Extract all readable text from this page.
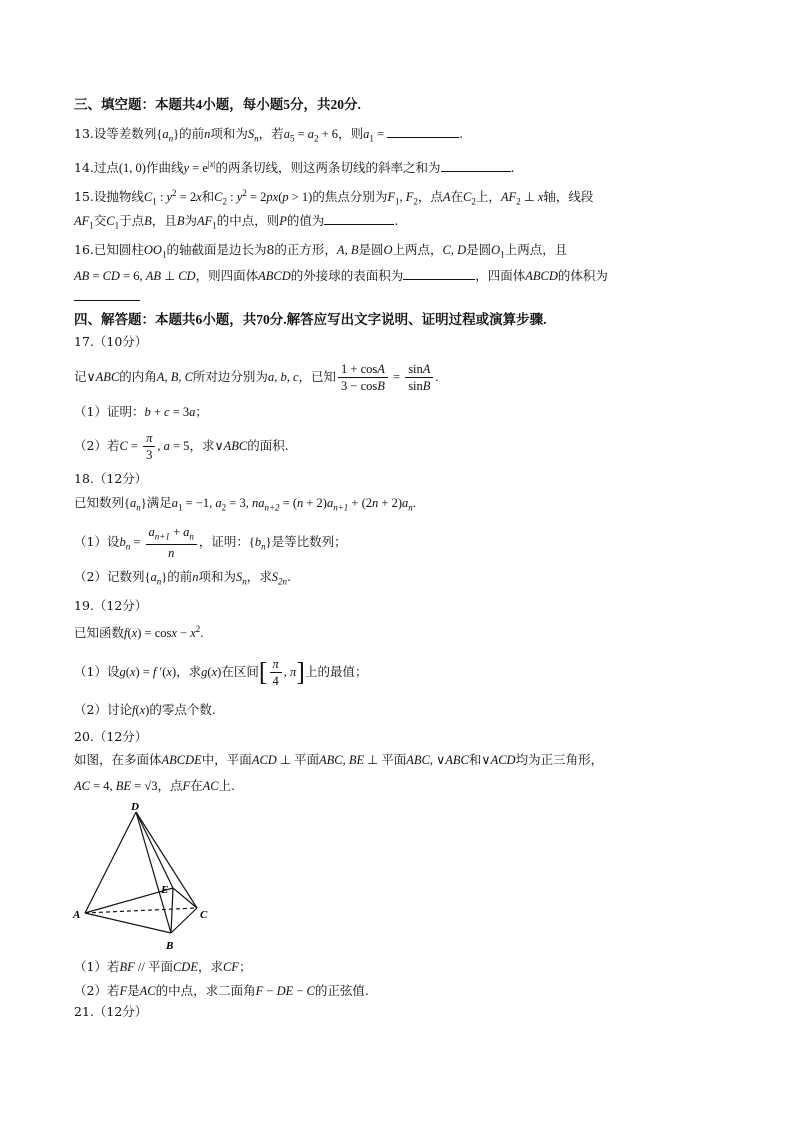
三、填空题：本题共4小题，每小题5分，共20分.
13.设等差数列$\{a_n\}$的前n项和为$S_n$，若$a_5 = a_2 + 6$，则$a_1$ =	.
14.过点(1, 0)作曲线$y = e^{|x|}$的两条切线，则这两条切线的斜率之和为	.
15.设抛物线$C_1$ : $y^2 = 2x$和$C_2$ : $y^2 = 2px(p > 1)$的焦点分别为$F_1$, $F_2$，点A在$C_2$上，$AF_2$ ⊥ x轴，线段
$AF_1$交$C_1$于点B，且B为$AF_1$的中点，则P的值为	.
16.已知圆柱$OO_1$的轴截面是边长为8的正方形，A, B是圆O上两点，C, D是圆$O_1$上两点，且
AB = CD = 6, AB ⊥ CD，则四面体ABCD的外接球的表面积为	，四面体ABCD的体积为
四、解答题：本题共6小题，共70分.解答应写出文字说明、证明过程或演算步骤.
17.（10分）
记∨ABC的内角A, B, C所对边分别为a, b, c，已知 $\frac{1 + \cos A}{3 - \cos B} = \frac{\sin A}{\sin B}$ .
（1）证明：b + c = 3a；
（2）若$C = \frac{\pi}{3}$ , a = 5，求∨ABC的面积.
18.（12分）
已知数列$\{a_n\}$满足$a_1 = -1$, $a_2 = 3$, $na_{n+2} = (n + 2)a_{n+1} + (2n + 2)a_n$.
（1）设$b_n = \frac{a_{n+1} + a_n}{n}$ ，证明：$\{b_n\}$是等比数列；
（2）记数列$\{a_n\}$的前n项和为$S_n$，求$S_{2n}$.
19.（12分）
已知函数$f(x) = \cos x - x^2$.
（1）设g(x) = f ′(x)，求g(x)在区间[ $\frac{\pi}{4}$ , π]上的最值；
（2）讨论f(x)的零点个数.
20.（12分）
如图，在多面体ABCDE中，平面ACD ⊥ 平面ABC, BE ⊥ 平面ABC, ∨ABC和∨ACD均为正三角形，
AC = 4, BE = √3，点F在AC上.
D
E
A	C
B
（1）若BF // 平面CDE，求CF；
（2）若F是AC的中点，求二面角F − DE − C的正弦值.
21.（12分）
